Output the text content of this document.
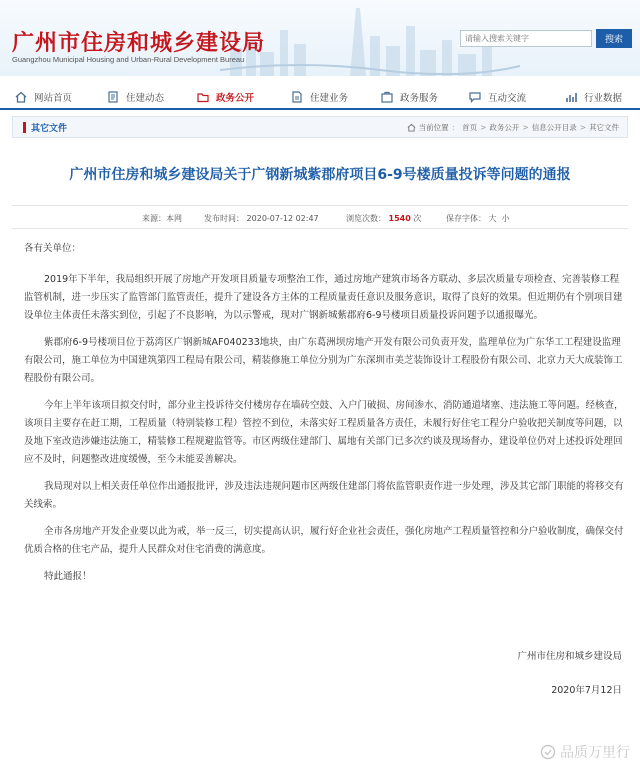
广州市住房和城乡建设局
Guangzhou Municipal Housing and Urban-Rural Development Bureau
请输入搜索关键字
搜索
网站首页	住建动态	政务公开	住建业务	政务服务	互动交流	行业数据
其它文件	当前位置 ： 首页 > 政务公开 > 信息公开目录 > 其它文件
广州市住房和城乡建设局关于广钢新城紫郡府项目6-9号楼质量投诉等问题的通报
来源：本网	发布时间： 2020-07-12 02:47	浏览次数： 1540 次	保存字体： 大 小

各有关单位：

2019年下半年，我局组织开展了房地产开发项目质量专项整治工作，通过房地产建筑市场各方联动、多层次质量专项检查、完善装修工程监管机制，进一步压实了监管部门监管责任，提升了建设各方主体的工程质量责任意识及服务意识，取得了良好的效果。但近期仍有个别项目建设单位主体责任未落实到位，引起了不良影响，为以示警戒，现对广钢新城紫郡府6-9号楼项目质量投诉问题予以通报曝光。

紫郡府6-9号楼项目位于荔湾区广钢新城AF040233地块，由广东葛洲坝房地产开发有限公司负责开发，监理单位为广东华工工程建设监理有限公司，施工单位为中国建筑第四工程局有限公司，精装修施工单位分别为广东深圳市美芝装饰设计工程股份有限公司、北京力天大成装饰工程股份有限公司。

今年上半年该项目拟交付时，部分业主投诉待交付楼房存在墙砖空鼓、入户门破损、房间渗水、消防通道堵塞、违法施工等问题。经核查，该项目主要存在赶工期，工程质量（特别装修工程）管控不到位，未落实好工程质量各方责任，未履行好住宅工程分户验收把关制度等问题，以及地下室改造涉嫌违法施工，精装修工程规避监管等。市区两级住建部门、属地有关部门已多次约谈及现场督办，建设单位仍对上述投诉处理回应不及时，问题整改进度缓慢，至今未能妥善解决。

我局现对以上相关责任单位作出通报批评，涉及违法违规问题市区两级住建部门将依监管职责作进一步处理，涉及其它部门职能的将移交有关线索。

全市各房地产开发企业要以此为戒，举一反三，切实提高认识，履行好企业社会责任，强化房地产工程质量管控和分户验收制度，确保交付优质合格的住宅产品，提升人民群众对住宅消费的满意度。

特此通报！

广州市住房和城乡建设局
2020年7月12日
品质万里行
